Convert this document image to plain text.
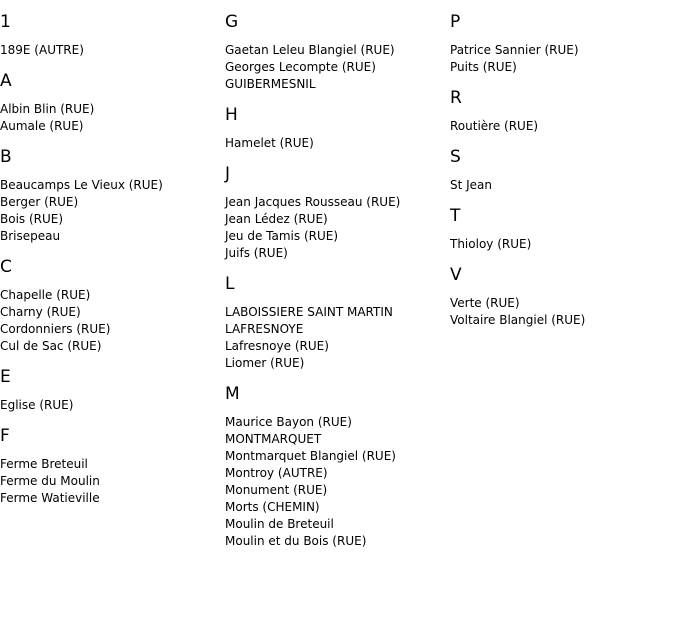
1
189E (AUTRE)
A
Albin Blin (RUE)
Aumale (RUE)
B
Beaucamps Le Vieux (RUE)
Berger (RUE)
Bois (RUE)
Brisepeau
C
Chapelle (RUE)
Charny (RUE)
Cordonniers (RUE)
Cul de Sac (RUE)
E
Eglise (RUE)
F
Ferme Breteuil
Ferme du Moulin
Ferme Watieville
G
Gaetan Leleu Blangiel (RUE)
Georges Lecompte (RUE)
GUIBERMESNIL
H
Hamelet (RUE)
J
Jean Jacques Rousseau (RUE)
Jean Lédez (RUE)
Jeu de Tamis (RUE)
Juifs (RUE)
L
LABOISSIERE SAINT MARTIN
LAFRESNOYE
Lafresnoye (RUE)
Liomer (RUE)
M
Maurice Bayon (RUE)
MONTMARQUET
Montmarquet Blangiel (RUE)
Montroy (AUTRE)
Monument (RUE)
Morts (CHEMIN)
Moulin de Breteuil
Moulin et du Bois (RUE)
P
Patrice Sannier (RUE)
Puits (RUE)
R
Routière (RUE)
S
St Jean
T
Thioloy (RUE)
V
Verte (RUE)
Voltaire Blangiel (RUE)
